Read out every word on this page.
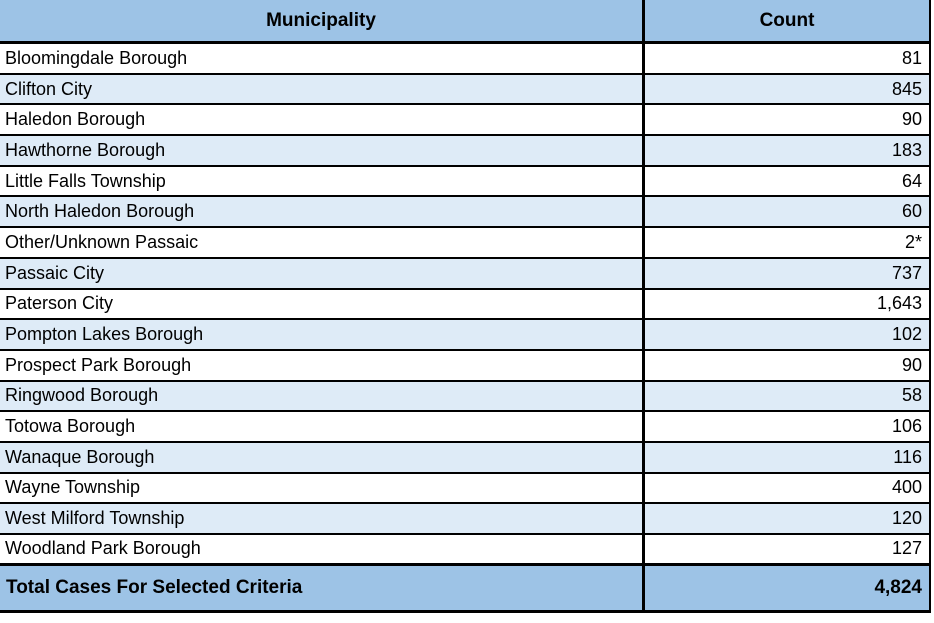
Municipality	Count
Bloomingdale Borough	81
Clifton City	845
Haledon Borough	90
Hawthorne Borough	183
Little Falls Township	64
North Haledon Borough	60
Other/Unknown Passaic	2*
Passaic City	737
Paterson City	1,643
Pompton Lakes Borough	102
Prospect Park Borough	90
Ringwood Borough	58
Totowa Borough	106
Wanaque Borough	116
Wayne Township	400
West Milford Township	120
Woodland Park Borough	127
Total Cases For Selected Criteria	4,824
